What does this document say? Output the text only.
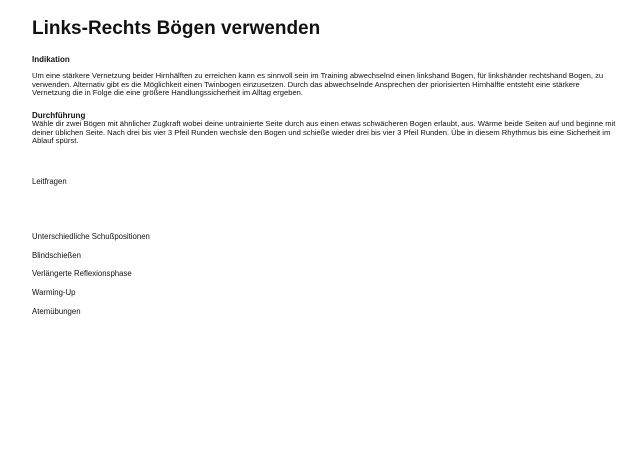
Links-Rechts Bögen verwenden
Indikation

Um eine stärkere Vernetzung beider Hirnhälften zu erreichen kann es sinnvoll sein im Training abwechselnd einen linkshand Bogen, für linkshänder rechtshand Bogen, zu verwenden. Alternativ gibt es die Möglichkeit einen Twinbogen einzusetzen. Durch das abwechselnde Ansprechen der priorisierten Hirnhälfte entsteht eine stärkere Vernetzung die in Folge die eine größere Handlungssicherheit im Alltag ergeben.

Durchführung

Wähle dir zwei Bögen mit ähnlicher Zugkraft wobei deine untrainierte Seite durch aus einen etwas schwächeren Bogen erlaubt, aus. Wärme beide Seiten auf und beginne mit deiner üblichen Seite. Nach drei bis vier 3 Pfeil Runden wechsle den Bogen und schieße wieder drei bis vier 3 Pfeil Runden. Übe in diesem Rhythmus bis eine Sicherheit im Ablauf spürst.

Leitfragen
Unterschiedliche Schußpositionen
Blindschießen
Verlängerte Reflexionsphase
Warming-Up
Atemübungen
